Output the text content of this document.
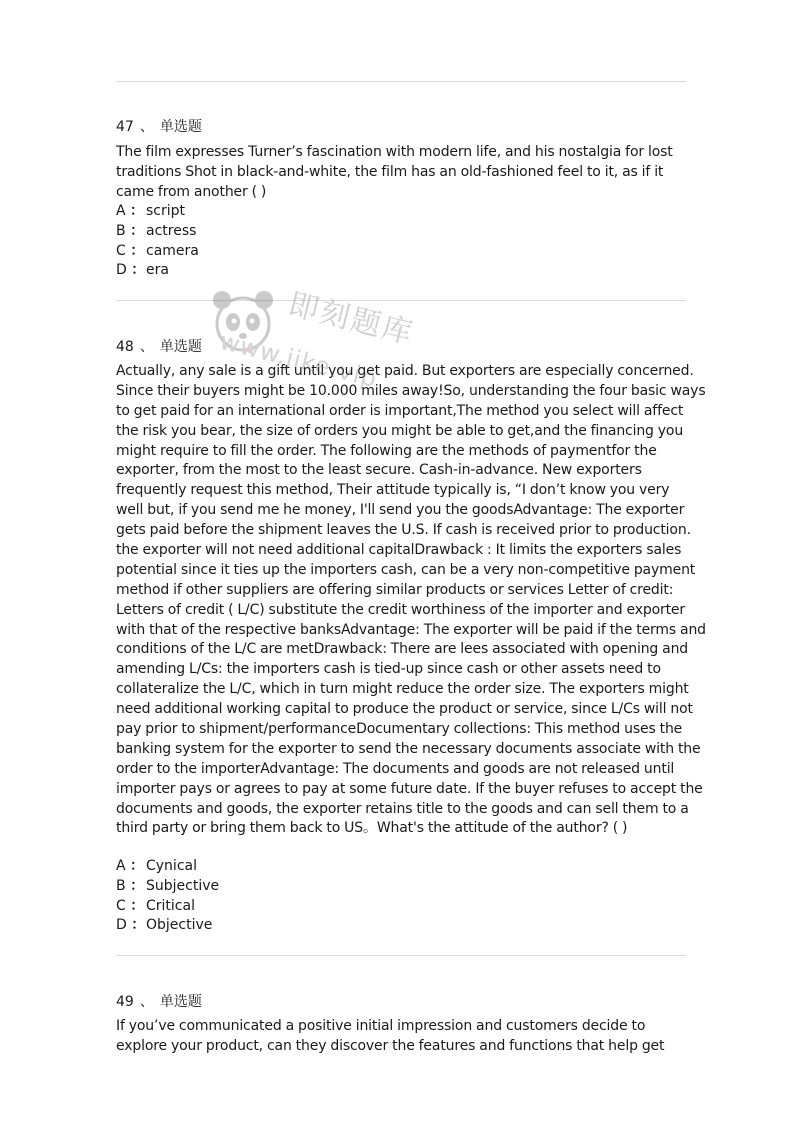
47 、 单选题
The film expresses Turner’s fascination with modern life, and his nostalgia for lost
traditions Shot in black-and-white, the film has an old-fashioned feel to it, as if it
came from another ( )
A ： script
B ： actress
C ： camera
D ：era
48 、 单选题
Actually, any sale is a gift until you get paid. But exporters are especially concerned.
Since their buyers might be 10.000 miles away!So, understanding the four basic ways
to get paid for an international order is important,The method you select will affect
the risk you bear, the size of orders you might be able to get,and the financing you
might require to fill the order. The following are the methods of paymentfor the
exporter, from the most to the least secure. Cash-in-advance. New exporters
frequently request this method, Their attitude typically is, “I don’t know you very
well but, if you send me he money, I'll send you the goodsAdvantage: The exporter
gets paid before the shipment leaves the U.S. If cash is received prior to production.
the exporter will not need additional capitalDrawback : It limits the exporters sales
potential since it ties up the importers cash, can be a very non-competitive payment
method if other suppliers are offering similar products or services Letter of credit:
Letters of credit ( L/C) substitute the credit worthiness of the importer and exporter
with that of the respective banksAdvantage: The exporter will be paid if the terms and
conditions of the L/C are metDrawback: There are lees associated with opening and
amending L/Cs: the importers cash is tied-up since cash or other assets need to
collateralize the L/C, which in turn might reduce the order size. The exporters might
need additional working capital to produce the product or service, since L/Cs will not
pay prior to shipment/performanceDocumentary collections: This method uses the
banking system for the exporter to send the necessary documents associate with the
order to the importerAdvantage: The documents and goods are not released until
importer pays or agrees to pay at some future date. If the buyer refuses to accept the
documents and goods, the exporter retains title to the goods and can sell them to a
third party or bring them back to US。What's the attitude of the author? ( )
A ： Cynical
B ： Subjective
C ： Critical
D ：Objective
49 、 单选题
If you’ve communicated a positive initial impression and customers decide to
explore your product, can they discover the features and functions that help get
即刻题库
www.jike.vip
